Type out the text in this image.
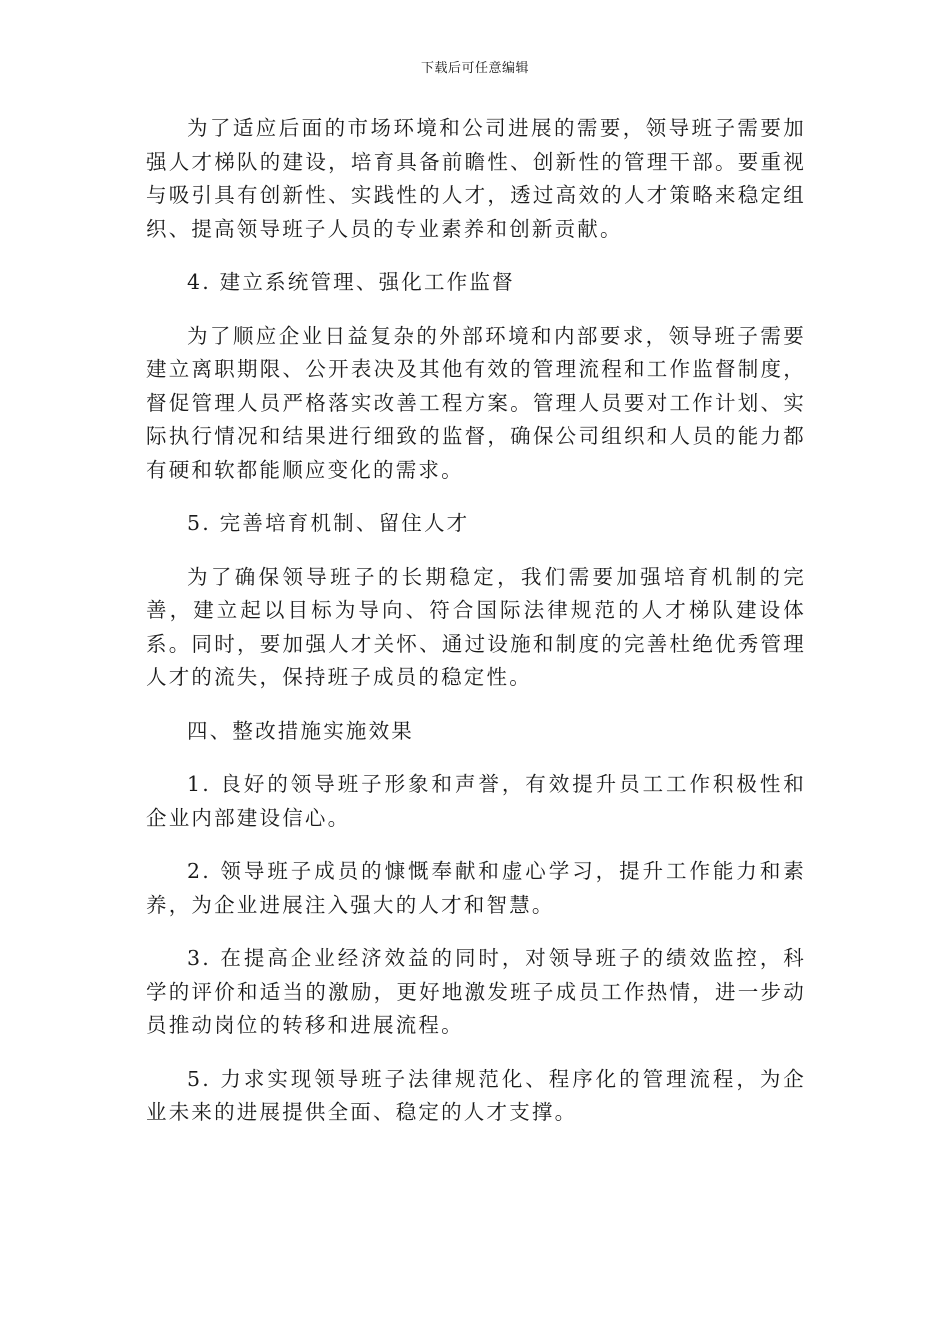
下载后可任意编辑

为了适应后面的市场环境和公司进展的需要，领导班子需要加强人才梯队的建设，培育具备前瞻性、创新性的管理干部。要重视与吸引具有创新性、实践性的人才，透过高效的人才策略来稳定组织、提高领导班子人员的专业素养和创新贡献。

4. 建立系统管理、强化工作监督

为了顺应企业日益复杂的外部环境和内部要求，领导班子需要建立离职期限、公开表决及其他有效的管理流程和工作监督制度，督促管理人员严格落实改善工程方案。管理人员要对工作计划、实际执行情况和结果进行细致的监督，确保公司组织和人员的能力都有硬和软都能顺应变化的需求。

5. 完善培育机制、留住人才

为了确保领导班子的长期稳定，我们需要加强培育机制的完善，建立起以目标为导向、符合国际法律规范的人才梯队建设体系。同时，要加强人才关怀、通过设施和制度的完善杜绝优秀管理人才的流失，保持班子成员的稳定性。

四、整改措施实施效果

1. 良好的领导班子形象和声誉，有效提升员工工作积极性和企业内部建设信心。

2. 领导班子成员的慷慨奉献和虚心学习，提升工作能力和素养，为企业进展注入强大的人才和智慧。

3. 在提高企业经济效益的同时，对领导班子的绩效监控，科学的评价和适当的激励，更好地激发班子成员工作热情，进一步动员推动岗位的转移和进展流程。

5. 力求实现领导班子法律规范化、程序化的管理流程，为企业未来的进展提供全面、稳定的人才支撑。
